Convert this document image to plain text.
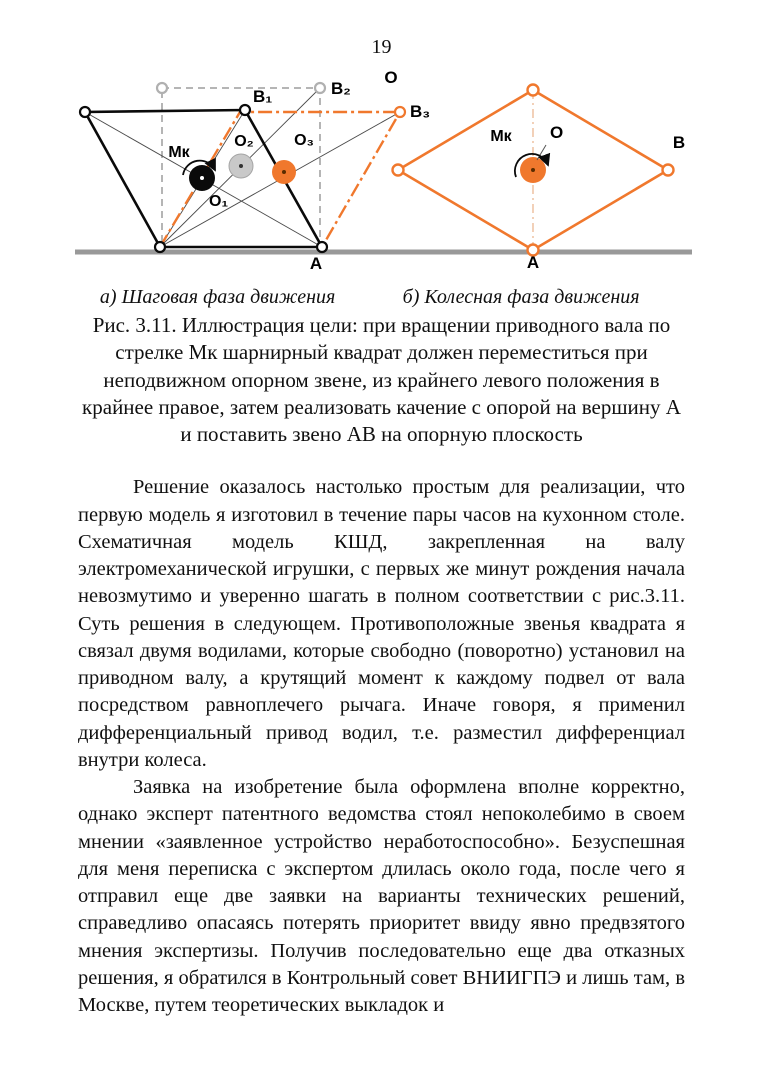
19
О
В₁	В₂
В₃
Мк
О₂	О₃
О₁
А
Мк О
В
А
а) Шаговая фаза движения	б) Колесная фаза движения
Рис. 3.11. Иллюстрация цели: при вращении приводного вала по стрелке Мк шарнирный квадрат должен переместиться при неподвижном опорном звене, из крайнего левого положения в крайнее правое, затем реализовать качение с опорой на вершину А и поставить звено АВ на опорную плоскость

Решение оказалось настолько простым для реализации, что первую модель я изготовил в течение пары часов на кухонном столе. Схематичная модель КШД, закрепленная на валу электромеханической игрушки, с первых же минут рождения начала невозмутимо и уверенно шагать в полном соответствии с рис.3.11. Суть решения в следующем. Противоположные звенья квадрата я связал двумя водилами, которые свободно (поворотно) установил на приводном валу, а крутящий момент к каждому подвел от вала посредством равноплечего рычага. Иначе говоря, я применил дифференциальный привод водил, т.е. разместил дифференциал внутри колеса.

Заявка на изобретение была оформлена вполне корректно, однако эксперт патентного ведомства стоял непоколебимо в своем мнении «заявленное устройство неработоспособно». Безуспешная для меня переписка с экспертом длилась около года, после чего я отправил еще две заявки на варианты технических решений, справедливо опасаясь потерять приоритет ввиду явно предвзятого мнения экспертизы. Получив последовательно еще два отказных решения, я обратился в Контрольный совет ВНИИГПЭ и лишь там, в Москве, путем теоретических выкладок и
